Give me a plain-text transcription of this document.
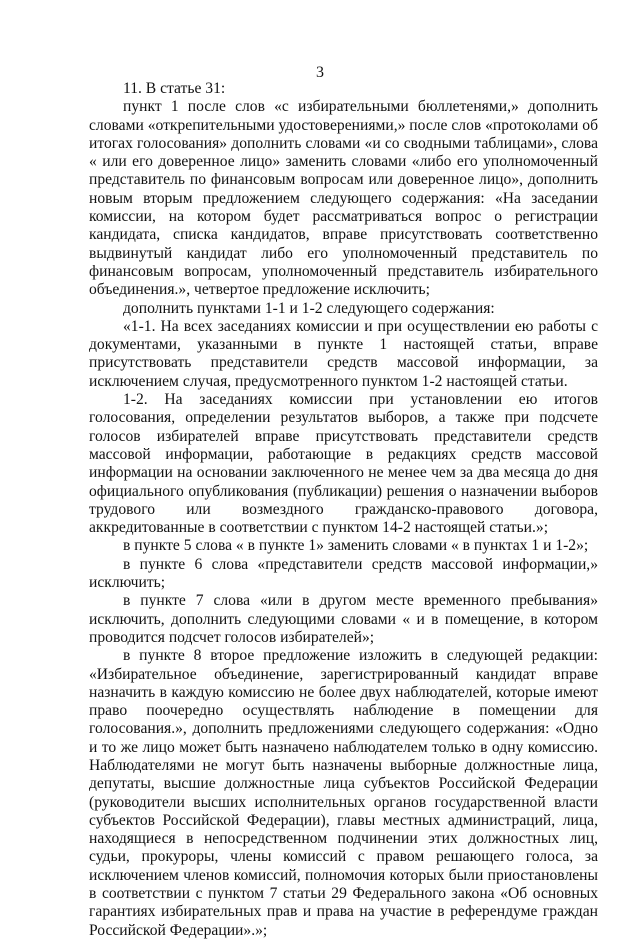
3

11. В статье 31:

пункт 1 после слов «с избирательными бюллетенями,» дополнить словами «открепительными удостоверениями,» после слов «протоколами об итогах голосования» дополнить словами «и со сводными таблицами», слова « или его доверенное лицо» заменить словами «либо его уполномоченный представитель по финансовым вопросам или доверенное лицо», дополнить новым вторым предложением следующего содержания: «На заседании комиссии, на котором будет рассматриваться вопрос о регистрации кандидата, списка кандидатов, вправе присутствовать соответственно выдвинутый кандидат либо его уполномоченный представитель по финансовым вопросам, уполномоченный представитель избирательного объединения.», четвертое предложение исключить;

дополнить пунктами 1-1 и 1-2 следующего содержания:

«1-1. На всех заседаниях комиссии и при осуществлении ею работы с документами, указанными в пункте 1 настоящей статьи, вправе присутствовать представители средств массовой информации, за исключением случая, предусмотренного пунктом 1-2 настоящей статьи.

1-2. На заседаниях комиссии при установлении ею итогов голосования, определении результатов выборов, а также при подсчете голосов избирателей вправе присутствовать представители средств массовой информации, работающие в редакциях средств массовой информации на основании заключенного не менее чем за два месяца до дня официального опубликования (публикации) решения о назначении выборов трудового или возмездного гражданско-правового договора, аккредитованные в соответствии с пунктом 14-2 настоящей статьи.»;

в пункте 5 слова « в пункте 1» заменить словами « в пунктах 1 и 1-2»;

в пункте 6 слова «представители средств массовой информации,» исключить;

в пункте 7 слова «или в другом месте временного пребывания» исключить, дополнить следующими словами « и в помещение, в котором проводится подсчет голосов избирателей»;

в пункте 8 второе предложение изложить в следующей редакции: «Избирательное объединение, зарегистрированный кандидат вправе назначить в каждую комиссию не более двух наблюдателей, которые имеют право поочередно осуществлять наблюдение в помещении для голосования.», дополнить предложениями следующего содержания: «Одно и то же лицо может быть назначено наблюдателем только в одну комиссию. Наблюдателями не могут быть назначены выборные должностные лица, депутаты, высшие должностные лица субъектов Российской Федерации (руководители высших исполнительных органов государственной власти субъектов Российской Федерации), главы местных администраций, лица, находящиеся в непосредственном подчинении этих должностных лиц, судьи, прокуроры, члены комиссий с правом решающего голоса, за исключением членов комиссий, полномочия которых были приостановлены в соответствии с пунктом 7 статьи 29 Федерального закона «Об основных гарантиях избирательных прав и права на участие в референдуме граждан Российской Федерации».»;
